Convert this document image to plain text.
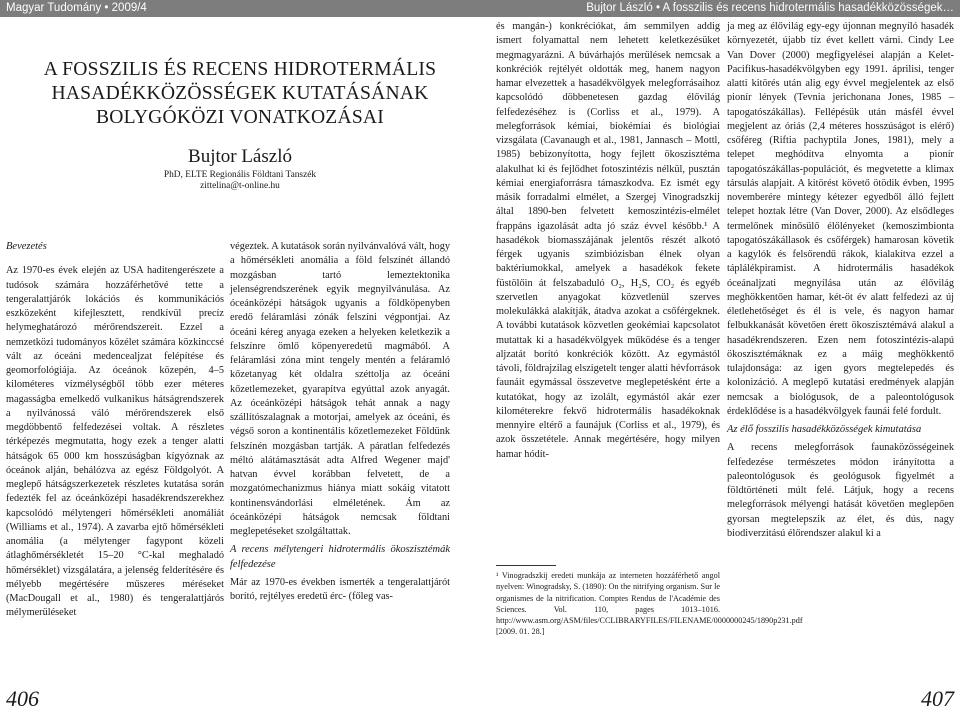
Magyar Tudomány • 2009/4	Bujtor László • A fosszilis és recens hidrotermális hasadékközösségek…
A FOSSZILIS ÉS RECENS HIDROTERMÁLIS
HASADÉKKÖZÖSSÉGEK KUTATÁSÁNAK
BOLYGÓKÖZI VONATKOZÁSAI
Bujtor László
PhD, ELTE Regionális Földtani Tanszék
zittelina@t-online.hu
Bevezetés

Az 1970-es évek elején az USA haditengerészete a tudósok számára hozzáférhetővé tette a tengeralattjárók lokációs és kommunikációs eszközeként kifejlesztett, rendkívül precíz helymeghatározó mérőrendszereit. Ezzel a nemzetközi tudományos közélet számára közkinccsé vált az óceáni medencealjzat felépítése és geomorfológiája. Az óceánok közepén, 4–5 kilométeres vízmélységből több ezer méteres magasságba emelkedő vulkanikus hátságrendszerek a nyilvánossá váló mérőrendszerek első megdöbbentő felfedezései voltak. A részletes térképezés megmutatta, hogy ezek a tenger alatti hátságok 65 000 km hosszúságban kígyóznak az óceánok alján, behálózva az egész Földgolyót. A meglepő hátságszerkezetek részletes kutatása során fedezték fel az óceánközépi hasadékrendszerekhez kapcsolódó mélytengeri hőmérsékleti anomáliát (Williams et al., 1974). A zavarba ejtő hőmérsékleti anomália (a mélytenger fagypont közeli átlaghőmérsékletét 15–20 °C-kal meghaladó hőmérséklet) vizsgálatára, a jelenség felderítésére és mélyebb megértésére műszeres méréseket (MacDougall et al., 1980) és tengeralattjárós mélymerüléseket

végeztek. A kutatások során nyilvánvalóvá vált, hogy a hőmérsékleti anomália a föld felszínét állandó mozgásban tartó lemeztektonika jelenségrendszerének egyik megnyilvánulása. Az óceánközépi hátságok ugyanis a földköpenyben eredő feláramlási zónák felszíni végpontjai. Az óceáni kéreg anyaga ezeken a helyeken keletkezik a felszínre ömlő köpenyeredetű magmából. A feláramlási zóna mint tengely mentén a feláramló kőzetanyag két oldalra széttolja az óceáni kőzetlemezeket, gyarapítva egyúttal azok anyagát. Az óceánközépi hátságok tehát annak a nagy szállítószalagnak a motorjai, amelyek az óceáni, és végső soron a kontinentális kőzetlemezeket Földünk felszínén mozgásban tartják. A páratlan felfedezés méltó alátámasztását adta Alfred Wegener majd' hatvan évvel korábban felvetett, de a mozgatómechanizmus hiánya miatt sokáig vitatott kontinensvándorlási elméletének. Ám az óceánközépi hátságok nemcsak földtani meglepetéseket szolgáltattak.

A recens mélytengeri hidrotermális ökoszisztémák felfedezése

Már az 1970-es években ismerték a tengeralattjárót borító, rejtélyes eredetű érc- (főleg vas-

és mangán-) konkréciókat, ám semmilyen addig ismert folyamattal nem lehetett keletkezésüket megmagyarázni. A búvárhajós merülések nemcsak a konkréciók rejtélyét oldották meg, hanem nagyon hamar elvezettek a hasadékvölgyek melegforrásaihoz kapcsolódó döbbenetesen gazdag élővilág felfedezéséhez is (Corliss et al., 1979). A melegforrások kémiai, biokémiai és biológiai vizsgálata (Cavanaugh et al., 1981, Jannasch – Mottl, 1985) bebizonyította, hogy fejlett ökoszisztéma alakulhat ki és fejlődhet fotoszintézis nélkül, pusztán kémiai energiaforrásra támaszkodva. Ez ismét egy másik forradalmi elmélet, a Szergej Vinogradszkij által 1890-ben felvetett kemoszintézis-elmélet frappáns igazolását adta jó száz évvel később.¹ A hasadékok biomasszájának jelentős részét alkotó férgek ugyanis szimbiózisban élnek olyan baktériumokkal, amelyek a hasadékok fekete füstölőin át felszabaduló O₂, H₂S, CO₂ és egyéb szervetlen anyagokat közvetlenül szerves molekulákká alakítják, átadva azokat a csőférgeknek. A további kutatások közvetlen geokémiai kapcsolatot mutattak ki a hasadékvölgyek működése és a tenger aljzatát borító konkréciók között. Az egymástól távoli, földrajzilag elszigetelt tenger alatti hévforrások faunáit egymással összevetve meglepetésként érte a kutatókat, hogy az izolált, egymástól akár ezer kilométerekre fekvő hidrotermális hasadékoknak mennyire eltérő a faunájuk (Corliss et al., 1979), és azok összetétele. Annak megértésére, hogy milyen hamar hódít-

¹ Vinogradszkij eredeti munkája az interneten hozzáférhető angol nyelven: Winogradsky, S. (1890): On the nitrifying organism. Sur le organismes de la nitrification. Comptes Rendus de l'Académie des Sciences. Vol. 110, pages 1013–1016. http://www.asm.org/ASM/files/CCLIBRARYFILES/FILENAME/0000000245/1890p231.pdf [2009. 01. 28.]

ja meg az élővilág egy-egy újonnan megnyíló hasadék környezetét, újabb tíz évet kellett várni. Cindy Lee Van Dover (2000) megfigyelései alapján a Kelet-Pacifikus-hasadékvölgyben egy 1991. áprilisi, tenger alatti kitörés után alig egy évvel megjelentek az első pionír lények (Tevnia jerichonana Jones, 1985 – tapogatószákállas). Fellépésük után másfél évvel megjelent az óriás (2,4 méteres hosszúságot is elérő) csőféreg (Riftia pachyptila Jones, 1981), mely a telepet meghódítva elnyomta a pionír tapogatószákállas-populációt, és megvetette a klimax társulás alapjait. A kitörést követő ötödik évben, 1995 novemberére mintegy kétezer egyedből álló fejlett telepet hoztak létre (Van Dover, 2000). Az elsődleges termelőnek minősülő élőlényeket (kemoszimbionta tapogatószákállasok és csőférgek) hamarosan követik a kagylók és felsőrendű rákok, kialakítva ezzel a táplálékpiramist. A hidrotermális hasadékok óceánaljzati megnyílása után az élővilág meghökkentően hamar, két-öt év alatt felfedezi az új életlehetőséget és él is vele, és nagyon hamar felbukkanását követően érett ökoszisztémává alakul a hasadékrendszeren. Ezen nem fotoszintézis-alapú ökoszisztémáknak ez a máig meghökkentő tulajdonsága: az igen gyors megtelepedés és kolonizáció. A meglepő kutatási eredmények alapján nemcsak a biológusok, de a paleontológusok érdeklődése is a hasadékvölgyek faunái felé fordult.

Az élő fosszilis hasadékközösségek kimutatása

A recens melegforrások faunaközösségeinek felfedezése természetes módon irányította a paleontológusok és geológusok figyelmét a földtörténeti múlt felé. Látjuk, hogy a recens melegforrások mélyengi hatását követően meglepően gyorsan megtelepszik az élet, és dús, nagy biodiverzitású élőrendszer alakul ki a

406	407
